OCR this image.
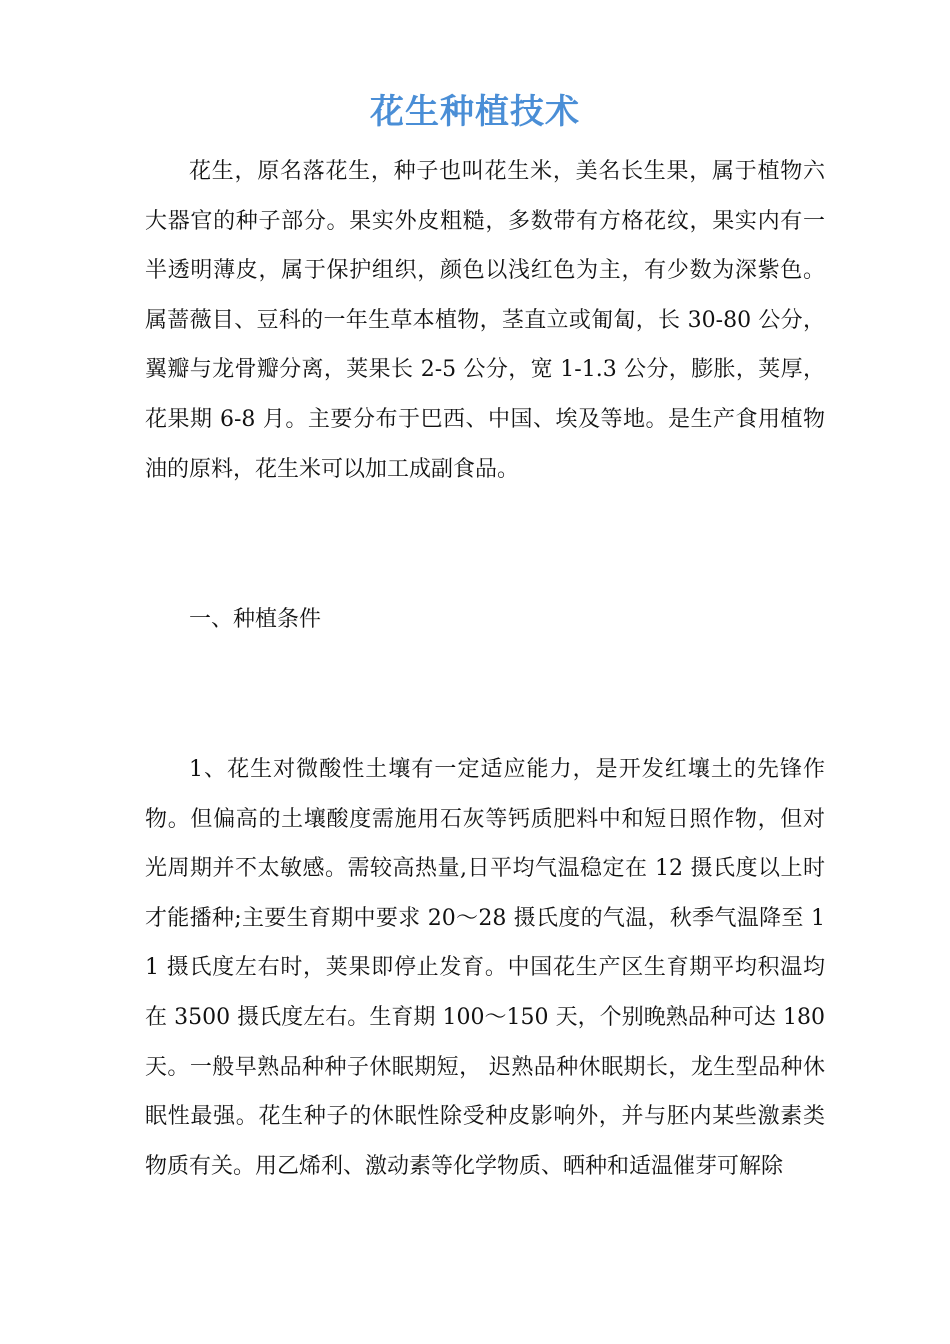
花生种植技术

花生，原名落花生，种子也叫花生米，美名长生果，属于植物六大器官的种子部分。果实外皮粗糙，多数带有方格花纹，果实内有一半透明薄皮，属于保护组织，颜色以浅红色为主，有少数为深紫色。属蔷薇目、豆科的一年生草本植物，茎直立或匍匐，长 30-80 公分，翼瓣与龙骨瓣分离，荚果长 2-5 公分，宽 1-1.3 公分，膨胀，荚厚，花果期 6-8 月。主要分布于巴西、中国、埃及等地。是生产食用植物油的原料，花生米可以加工成副食品。

一、种植条件

1、花生对微酸性土壤有一定适应能力，是开发红壤土的先锋作物。但偏高的土壤酸度需施用石灰等钙质肥料中和短日照作物，但对光周期并不太敏感。需较高热量,日平均气温稳定在 12 摄氏度以上时才能播种;主要生育期中要求 20～28 摄氏度的气温，秋季气温降至 11 摄氏度左右时，荚果即停止发育。中国花生产区生育期平均积温均在 3500 摄氏度左右。生育期 100～150 天，个别晚熟品种可达 180 天。一般早熟品种种子休眠期短， 迟熟品种休眠期长，龙生型品种休眠性最强。花生种子的休眠性除受种皮影响外，并与胚内某些激素类物质有关。用乙烯利、激动素等化学物质、晒种和适温催芽可解除
